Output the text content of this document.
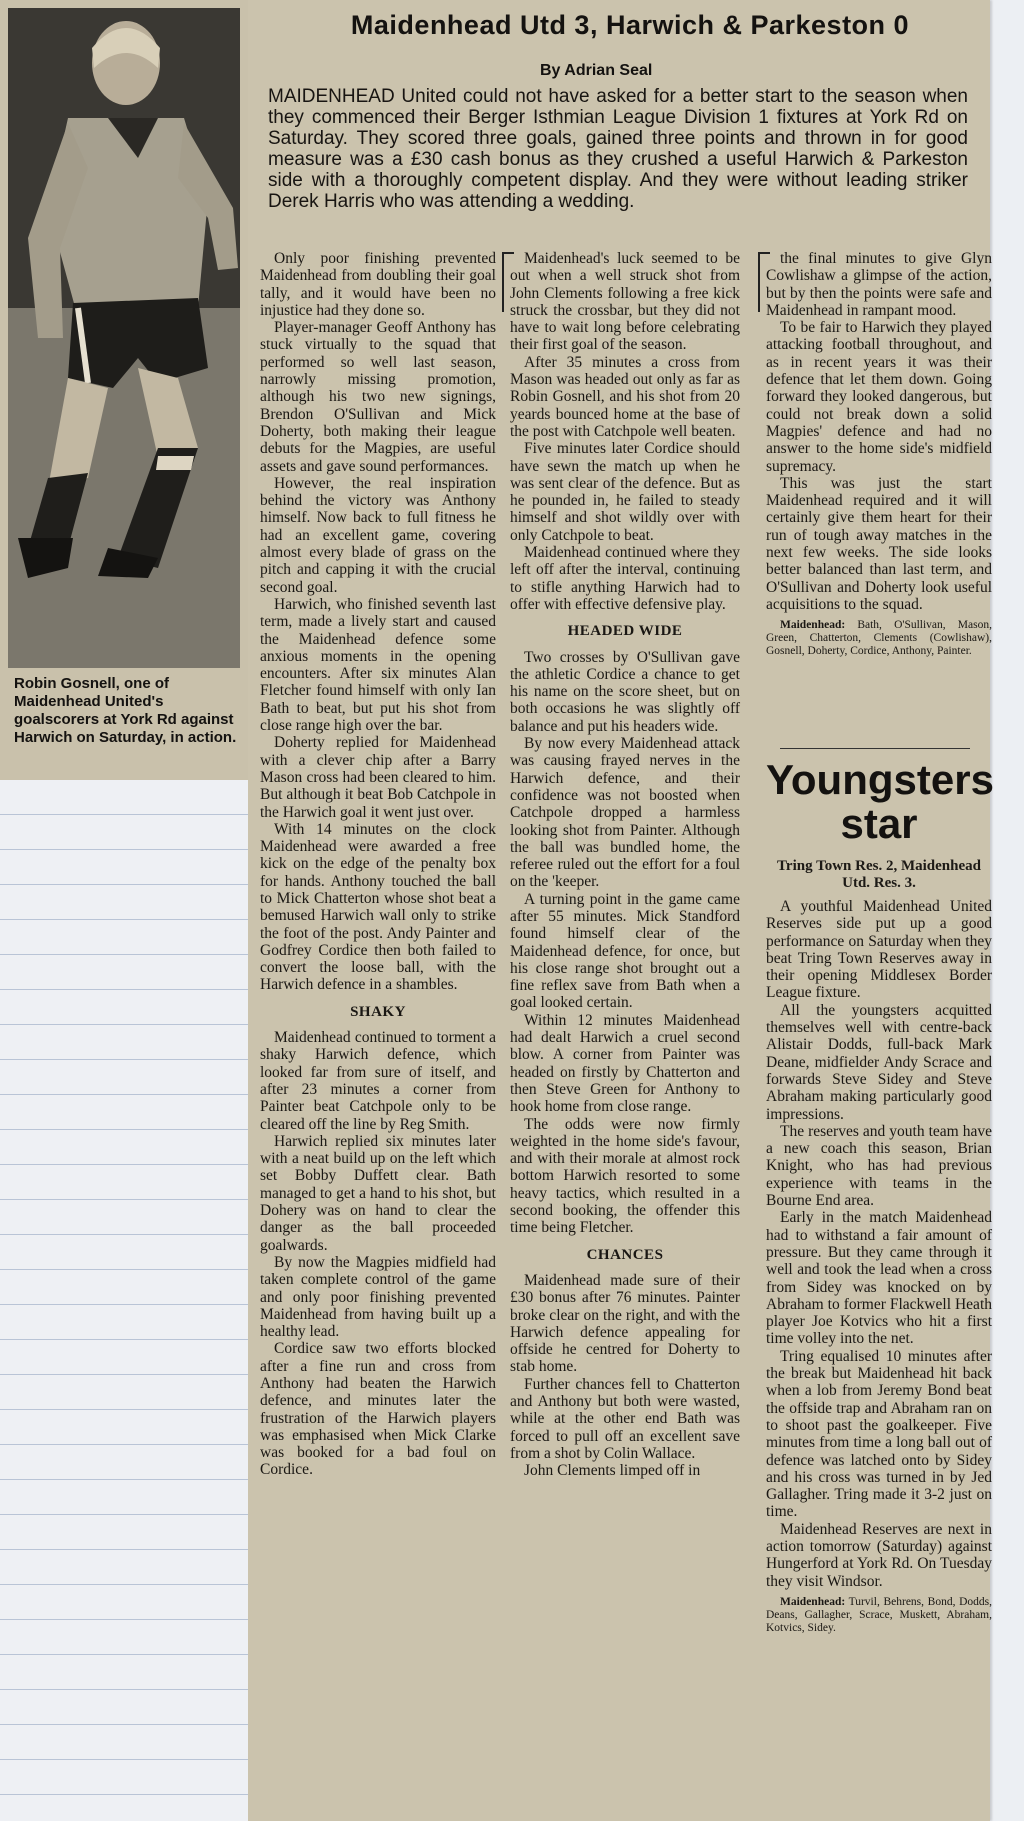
Robin Gosnell, one of Maidenhead United's goalscorers at York Rd against Harwich on Saturday, in action.
Maidenhead Utd 3, Harwich & Parkeston 0
By Adrian Seal
MAIDENHEAD United could not have asked for a better start to the season when they commenced their Berger Isthmian League Division 1 fixtures at York Rd on Saturday. They scored three goals, gained three points and thrown in for good measure was a £30 cash bonus as they crushed a useful Harwich & Parkeston side with a thoroughly competent display. And they were without leading striker Derek Harris who was attending a wedding.

Only poor finishing prevented Maidenhead from doubling their goal tally, and it would have been no injustice had they done so.

Player-manager Geoff Anthony has stuck virtually to the squad that performed so well last season, narrowly missing promotion, although his two new signings, Brendon O'Sullivan and Mick Doherty, both making their league debuts for the Magpies, are useful assets and gave sound performances.

However, the real inspiration behind the victory was Anthony himself. Now back to full fitness he had an excellent game, covering almost every blade of grass on the pitch and capping it with the crucial second goal.

Harwich, who finished seventh last term, made a lively start and caused the Maidenhead defence some anxious moments in the opening encounters. After six minutes Alan Fletcher found himself with only Ian Bath to beat, but put his shot from close range high over the bar.

Doherty replied for Maidenhead with a clever chip after a Barry Mason cross had been cleared to him. But although it beat Bob Catchpole in the Harwich goal it went just over.

With 14 minutes on the clock Maidenhead were awarded a free kick on the edge of the penalty box for hands. Anthony touched the ball to Mick Chatterton whose shot beat a bemused Harwich wall only to strike the foot of the post. Andy Painter and Godfrey Cordice then both failed to convert the loose ball, with the Harwich defence in a shambles.

SHAKY

Maidenhead continued to torment a shaky Harwich defence, which looked far from sure of itself, and after 23 minutes a corner from Painter beat Catchpole only to be cleared off the line by Reg Smith.

Harwich replied six minutes later with a neat build up on the left which set Bobby Duffett clear. Bath managed to get a hand to his shot, but Dohery was on hand to clear the danger as the ball proceeded goalwards.

By now the Magpies midfield had taken complete control of the game and only poor finishing prevented Maidenhead from having built up a healthy lead.

Cordice saw two efforts blocked after a fine run and cross from Anthony had beaten the Harwich defence, and minutes later the frustration of the Harwich players was emphasised when Mick Clarke was booked for a bad foul on Cordice.

Maidenhead's luck seemed to be out when a well struck shot from John Clements following a free kick struck the crossbar, but they did not have to wait long before celebrating their first goal of the season.

After 35 minutes a cross from Mason was headed out only as far as Robin Gosnell, and his shot from 20 yeards bounced home at the base of the post with Catchpole well beaten.

Five minutes later Cordice should have sewn the match up when he was sent clear of the defence. But as he pounded in, he failed to steady himself and shot wildly over with only Catchpole to beat.

Maidenhead continued where they left off after the interval, continuing to stifle anything Harwich had to offer with effective defensive play.

HEADED WIDE

Two crosses by O'Sullivan gave the athletic Cordice a chance to get his name on the score sheet, but on both occasions he was slightly off balance and put his headers wide.

By now every Maidenhead attack was causing frayed nerves in the Harwich defence, and their confidence was not boosted when Catchpole dropped a harmless looking shot from Painter. Although the ball was bundled home, the referee ruled out the effort for a foul on the 'keeper.

A turning point in the game came after 55 minutes. Mick Standford found himself clear of the Maidenhead defence, for once, but his close range shot brought out a fine reflex save from Bath when a goal looked certain.

Within 12 minutes Maidenhead had dealt Harwich a cruel second blow. A corner from Painter was headed on firstly by Chatterton and then Steve Green for Anthony to hook home from close range.

The odds were now firmly weighted in the home side's favour, and with their morale at almost rock bottom Harwich resorted to some heavy tactics, which resulted in a second booking, the offender this time being Fletcher.

CHANCES

Maidenhead made sure of their £30 bonus after 76 minutes. Painter broke clear on the right, and with the Harwich defence appealing for offside he centred for Doherty to stab home.

Further chances fell to Chatterton and Anthony but both were wasted, while at the other end Bath was forced to pull off an excellent save from a shot by Colin Wallace.

John Clements limped off in

the final minutes to give Glyn Cowlishaw a glimpse of the action, but by then the points were safe and Maidenhead in rampant mood.

To be fair to Harwich they played attacking football throughout, and as in recent years it was their defence that let them down. Going forward they looked dangerous, but could not break down a solid Magpies' defence and had no answer to the home side's midfield supremacy.

This was just the start Maidenhead required and it will certainly give them heart for their run of tough away matches in the next few weeks. The side looks better balanced than last term, and O'Sullivan and Doherty look useful acquisitions to the squad.

Maidenhead: Bath, O'Sullivan, Mason, Green, Chatterton, Clements (Cowlishaw), Gosnell, Doherty, Cordice, Anthony, Painter.

Youngsters star
Tring Town Res. 2, Maidenhead Utd. Res. 3.

A youthful Maidenhead United Reserves side put up a good performance on Saturday when they beat Tring Town Reserves away in their opening Middlesex Border League fixture.

All the youngsters acquitted themselves well with centre-back Alistair Dodds, full-back Mark Deane, midfielder Andy Scrace and forwards Steve Sidey and Steve Abraham making particularly good impressions.

The reserves and youth team have a new coach this season, Brian Knight, who has had previous experience with teams in the Bourne End area.

Early in the match Maidenhead had to withstand a fair amount of pressure. But they came through it well and took the lead when a cross from Sidey was knocked on by Abraham to former Flackwell Heath player Joe Kotvics who hit a first time volley into the net.

Tring equalised 10 minutes after the break but Maidenhead hit back when a lob from Jeremy Bond beat the offside trap and Abraham ran on to shoot past the goalkeeper. Five minutes from time a long ball out of defence was latched onto by Sidey and his cross was turned in by Jed Gallagher. Tring made it 3-2 just on time.

Maidenhead Reserves are next in action tomorrow (Saturday) against Hungerford at York Rd. On Tuesday they visit Windsor.

Maidenhead: Turvil, Behrens, Bond, Dodds, Deans, Gallagher, Scrace, Muskett, Abraham, Kotvics, Sidey.
